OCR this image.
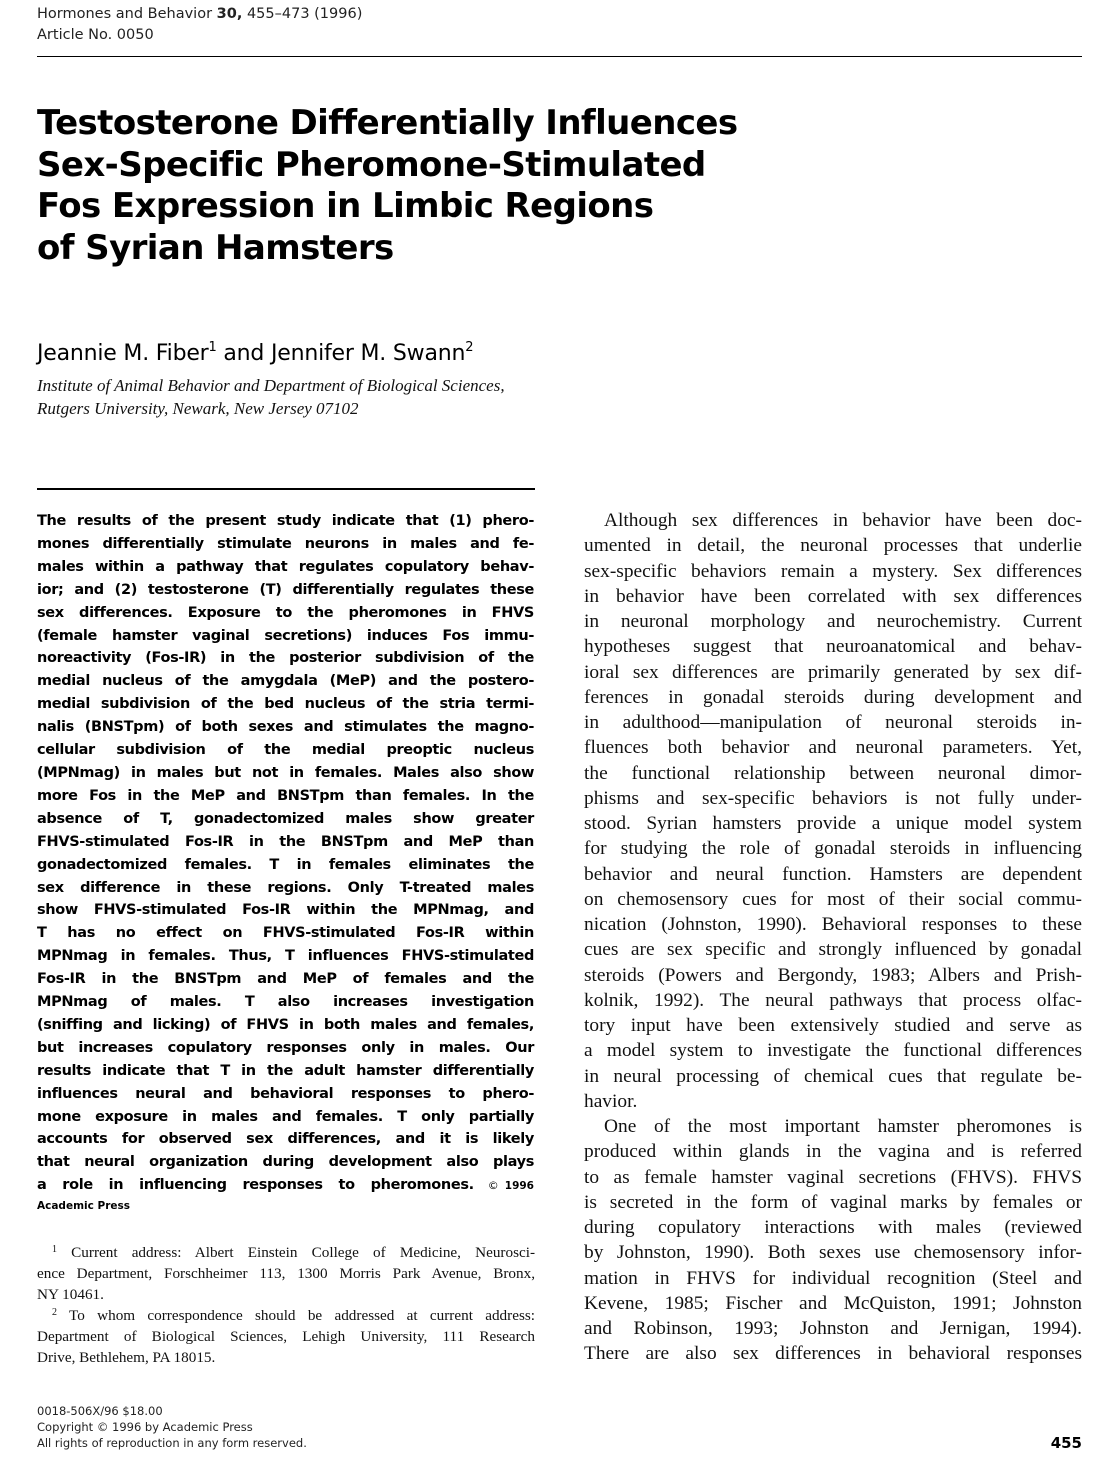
Hormones and Behavior 30, 455–473 (1996)
Article No. 0050
Testosterone Differentially Influences
Sex-Specific Pheromone-Stimulated
Fos Expression in Limbic Regions
of Syrian Hamsters
Jeannie M. Fiber$^1$ and Jennifer M. Swann$^2$
Institute of Animal Behavior and Department of Biological Sciences,
Rutgers University, Newark, New Jersey 07102
The results of the present study indicate that (1) phero-
mones differentially stimulate neurons in males and fe-
males within a pathway that regulates copulatory behav-
ior; and (2) testosterone (T) differentially regulates these
sex differences. Exposure to the pheromones in FHVS
(female hamster vaginal secretions) induces Fos immu-
noreactivity (Fos-IR) in the posterior subdivision of the
medial nucleus of the amygdala (MeP) and the postero-
medial subdivision of the bed nucleus of the stria termi-
nalis (BNSTpm) of both sexes and stimulates the magno-
cellular subdivision of the medial preoptic nucleus
(MPNmag) in males but not in females. Males also show
more Fos in the MeP and BNSTpm than females. In the
absence of T, gonadectomized males show greater
FHVS-stimulated Fos-IR in the BNSTpm and MeP than
gonadectomized females. T in females eliminates the
sex difference in these regions. Only T-treated males
show FHVS-stimulated Fos-IR within the MPNmag, and
T has no effect on FHVS-stimulated Fos-IR within
MPNmag in females. Thus, T influences FHVS-stimulated
Fos-IR in the BNSTpm and MeP of females and the
MPNmag of males. T also increases investigation
(sniffing and licking) of FHVS in both males and females,
but increases copulatory responses only in males. Our
results indicate that T in the adult hamster differentially
influences neural and behavioral responses to phero-
mone exposure in males and females. T only partially
accounts for observed sex differences, and it is likely
that neural organization during development also plays
a role in influencing responses to pheromones. © 1996
Academic Press
$^1$ Current address: Albert Einstein College of Medicine, Neurosci-
ence Department, Forschheimer 113, 1300 Morris Park Avenue, Bronx,
NY 10461.
$^2$ To whom correspondence should be addressed at current address:
Department of Biological Sciences, Lehigh University, 111 Research
Drive, Bethlehem, PA 18015.
Although sex differences in behavior have been doc-
umented in detail, the neuronal processes that underlie
sex-specific behaviors remain a mystery. Sex differences
in behavior have been correlated with sex differences
in neuronal morphology and neurochemistry. Current
hypotheses suggest that neuroanatomical and behav-
ioral sex differences are primarily generated by sex dif-
ferences in gonadal steroids during development and
in adulthood—manipulation of neuronal steroids in-
fluences both behavior and neuronal parameters. Yet,
the functional relationship between neuronal dimor-
phisms and sex-specific behaviors is not fully under-
stood. Syrian hamsters provide a unique model system
for studying the role of gonadal steroids in influencing
behavior and neural function. Hamsters are dependent
on chemosensory cues for most of their social commu-
nication (Johnston, 1990). Behavioral responses to these
cues are sex specific and strongly influenced by gonadal
steroids (Powers and Bergondy, 1983; Albers and Prish-
kolnik, 1992). The neural pathways that process olfac-
tory input have been extensively studied and serve as
a model system to investigate the functional differences
in neural processing of chemical cues that regulate be-
havior.
One of the most important hamster pheromones is
produced within glands in the vagina and is referred
to as female hamster vaginal secretions (FHVS). FHVS
is secreted in the form of vaginal marks by females or
during copulatory interactions with males (reviewed
by Johnston, 1990). Both sexes use chemosensory infor-
mation in FHVS for individual recognition (Steel and
Kevene, 1985; Fischer and McQuiston, 1991; Johnston
and Robinson, 1993; Johnston and Jernigan, 1994).
There are also sex differences in behavioral responses
0018-506X/96 $18.00
Copyright © 1996 by Academic Press
All rights of reproduction in any form reserved.	455
